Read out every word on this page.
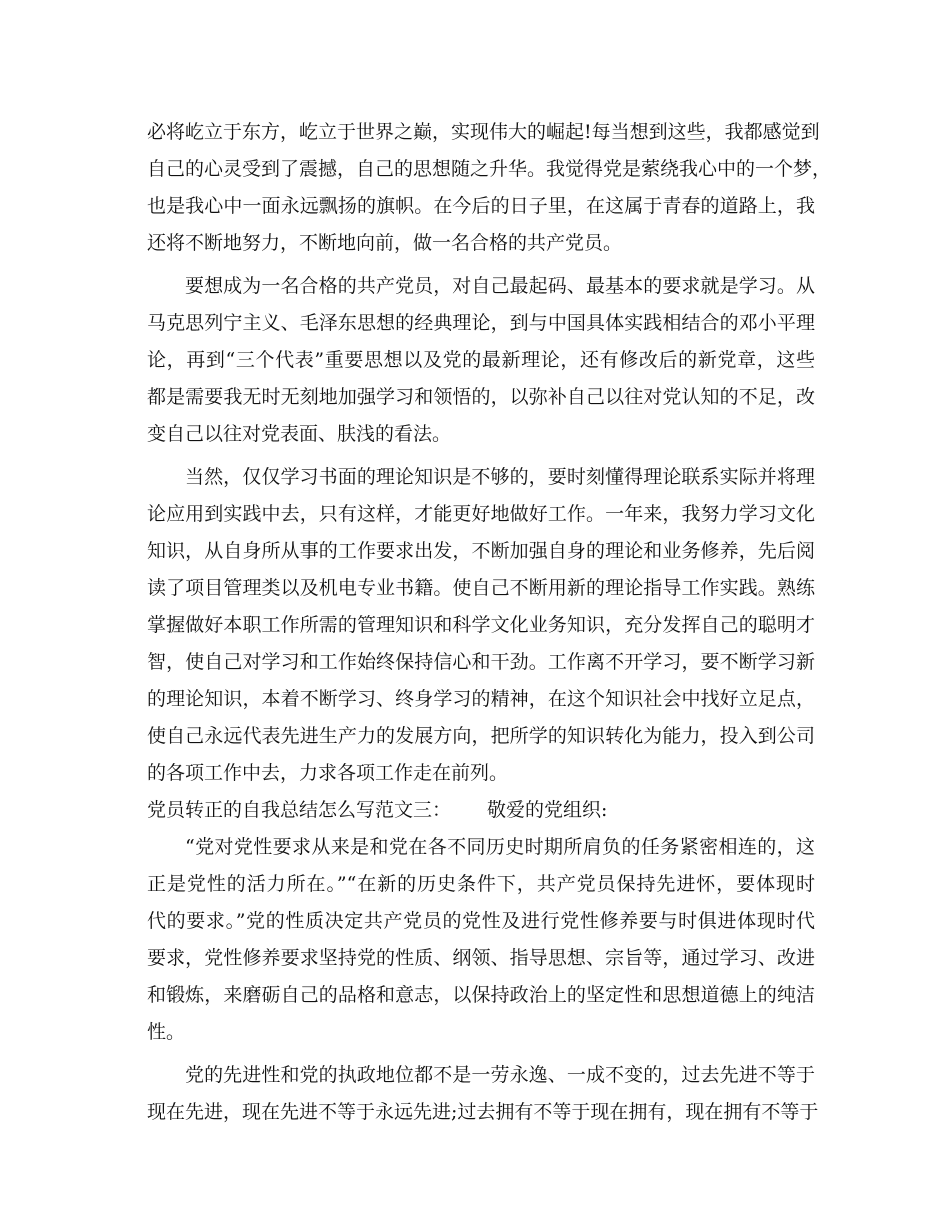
必将屹立于东方，屹立于世界之巅，实现伟大的崛起!每当想到这些，我都感觉到
自己的心灵受到了震撼，自己的思想随之升华。我觉得党是萦绕我心中的一个梦，
也是我心中一面永远飘扬的旗帜。在今后的日子里，在这属于青春的道路上，我
还将不断地努力，不断地向前，做一名合格的共产党员。
要想成为一名合格的共产党员，对自己最起码、最基本的要求就是学习。从
马克思列宁主义、毛泽东思想的经典理论，到与中国具体实践相结合的邓小平理
论，再到“三个代表”重要思想以及党的最新理论，还有修改后的新党章，这些
都是需要我无时无刻地加强学习和领悟的，以弥补自己以往对党认知的不足，改
变自己以往对党表面、肤浅的看法。
当然，仅仅学习书面的理论知识是不够的，要时刻懂得理论联系实际并将理
论应用到实践中去，只有这样，才能更好地做好工作。一年来，我努力学习文化
知识，从自身所从事的工作要求出发，不断加强自身的理论和业务修养，先后阅
读了项目管理类以及机电专业书籍。使自己不断用新的理论指导工作实践。熟练
掌握做好本职工作所需的管理知识和科学文化业务知识，充分发挥自己的聪明才
智，使自己对学习和工作始终保持信心和干劲。工作离不开学习，要不断学习新
的理论知识，本着不断学习、终身学习的精神，在这个知识社会中找好立足点，
使自己永远代表先进生产力的发展方向，把所学的知识转化为能力，投入到公司
的各项工作中去，力求各项工作走在前列。
党员转正的自我总结怎么写范文三： 敬爱的党组织:
“党对党性要求从来是和党在各不同历史时期所肩负的任务紧密相连的，这
正是党性的活力所在。”“在新的历史条件下，共产党员保持先进怀，要体现时
代的要求。”党的性质决定共产党员的党性及进行党性修养要与时俱进体现时代
要求，党性修养要求坚持党的性质、纲领、指导思想、宗旨等，通过学习、改进
和锻炼，来磨砺自己的品格和意志，以保持政治上的坚定性和思想道德上的纯洁
性。
党的先进性和党的执政地位都不是一劳永逸、一成不变的，过去先进不等于
现在先进，现在先进不等于永远先进;过去拥有不等于现在拥有，现在拥有不等于
